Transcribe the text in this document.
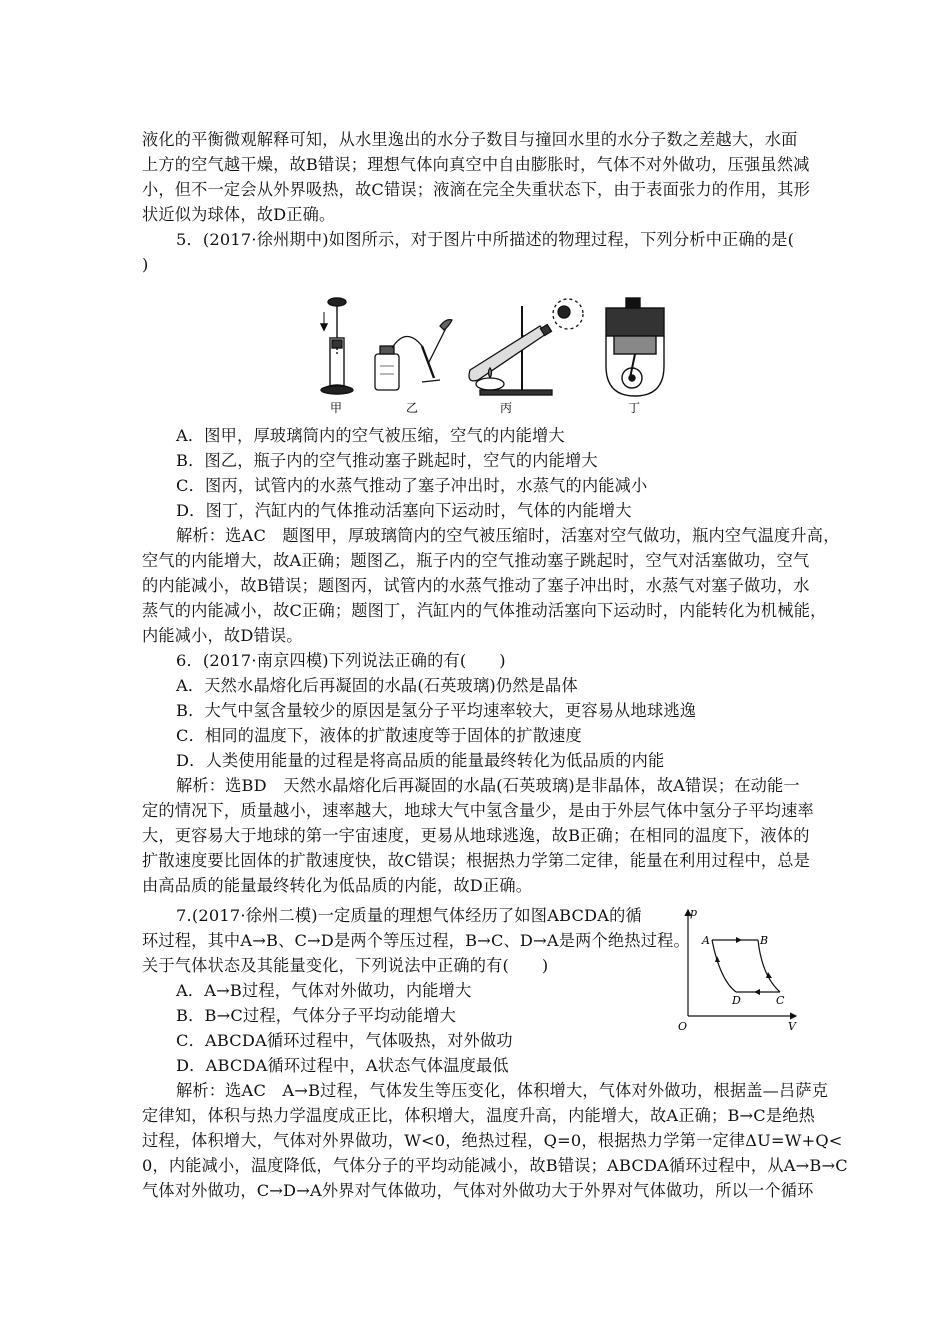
液化的平衡微观解释可知，从水里逸出的水分子数目与撞回水里的水分子数之差越大，水面
上方的空气越干燥，故B错误；理想气体向真空中自由膨胀时，气体不对外做功，压强虽然减
小，但不一定会从外界吸热，故C错误；液滴在完全失重状态下，由于表面张力的作用，其形
状近似为球体，故D正确。
5．(2017·徐州期中)如图所示，对于图片中所描述的物理过程，下列分析中正确的是(
)
甲	乙	丙	丁
A．图甲，厚玻璃筒内的空气被压缩，空气的内能增大
B．图乙，瓶子内的空气推动塞子跳起时，空气的内能增大
C．图丙，试管内的水蒸气推动了塞子冲出时，水蒸气的内能减小
D．图丁，汽缸内的气体推动活塞向下运动时，气体的内能增大
解析：选AC　题图甲，厚玻璃筒内的空气被压缩时，活塞对空气做功，瓶内空气温度升高，
空气的内能增大，故A正确；题图乙，瓶子内的空气推动塞子跳起时，空气对活塞做功，空气
的内能减小，故B错误；题图丙，试管内的水蒸气推动了塞子冲出时，水蒸气对塞子做功，水
蒸气的内能减小，故C正确；题图丁，汽缸内的气体推动活塞向下运动时，内能转化为机械能，
内能减小，故D错误。
6．(2017·南京四模)下列说法正确的有(　　)
A．天然水晶熔化后再凝固的水晶(石英玻璃)仍然是晶体
B．大气中氢含量较少的原因是氢分子平均速率较大，更容易从地球逃逸
C．相同的温度下，液体的扩散速度等于固体的扩散速度
D．人类使用能量的过程是将高品质的能量最终转化为低品质的内能
解析：选BD　天然水晶熔化后再凝固的水晶(石英玻璃)是非晶体，故A错误；在动能一
定的情况下，质量越小，速率越大，地球大气中氢含量少，是由于外层气体中氢分子平均速率
大，更容易大于地球的第一宇宙速度，更易从地球逃逸，故B正确；在相同的温度下，液体的
扩散速度要比固体的扩散速度快，故C错误；根据热力学第二定律，能量在利用过程中，总是
由高品质的能量最终转化为低品质的内能，故D正确。
7.(2017·徐州二模)一定质量的理想气体经历了如图ABCDA的循
环过程，其中A→B、C→D是两个等压过程，B→C、D→A是两个绝热过程。
关于气体状态及其能量变化，下列说法中正确的有(　　)
A．A→B过程，气体对外做功，内能增大
B．B→C过程，气体分子平均动能增大
C．ABCDA循环过程中，气体吸热，对外做功
D．ABCDA循环过程中，A状态气体温度最低
p
V
O
A	B
C
D
解析：选AC　A→B过程，气体发生等压变化，体积增大，气体对外做功，根据盖—吕萨克
定律知，体积与热力学温度成正比，体积增大，温度升高，内能增大，故A正确；B→C是绝热
过程，体积增大，气体对外界做功，W<0，绝热过程，Q=0，根据热力学第一定律ΔU=W+Q<
0，内能减小，温度降低，气体分子的平均动能减小，故B错误；ABCDA循环过程中，从A→B→C
气体对外做功，C→D→A外界对气体做功，气体对外做功大于外界对气体做功，所以一个循环
